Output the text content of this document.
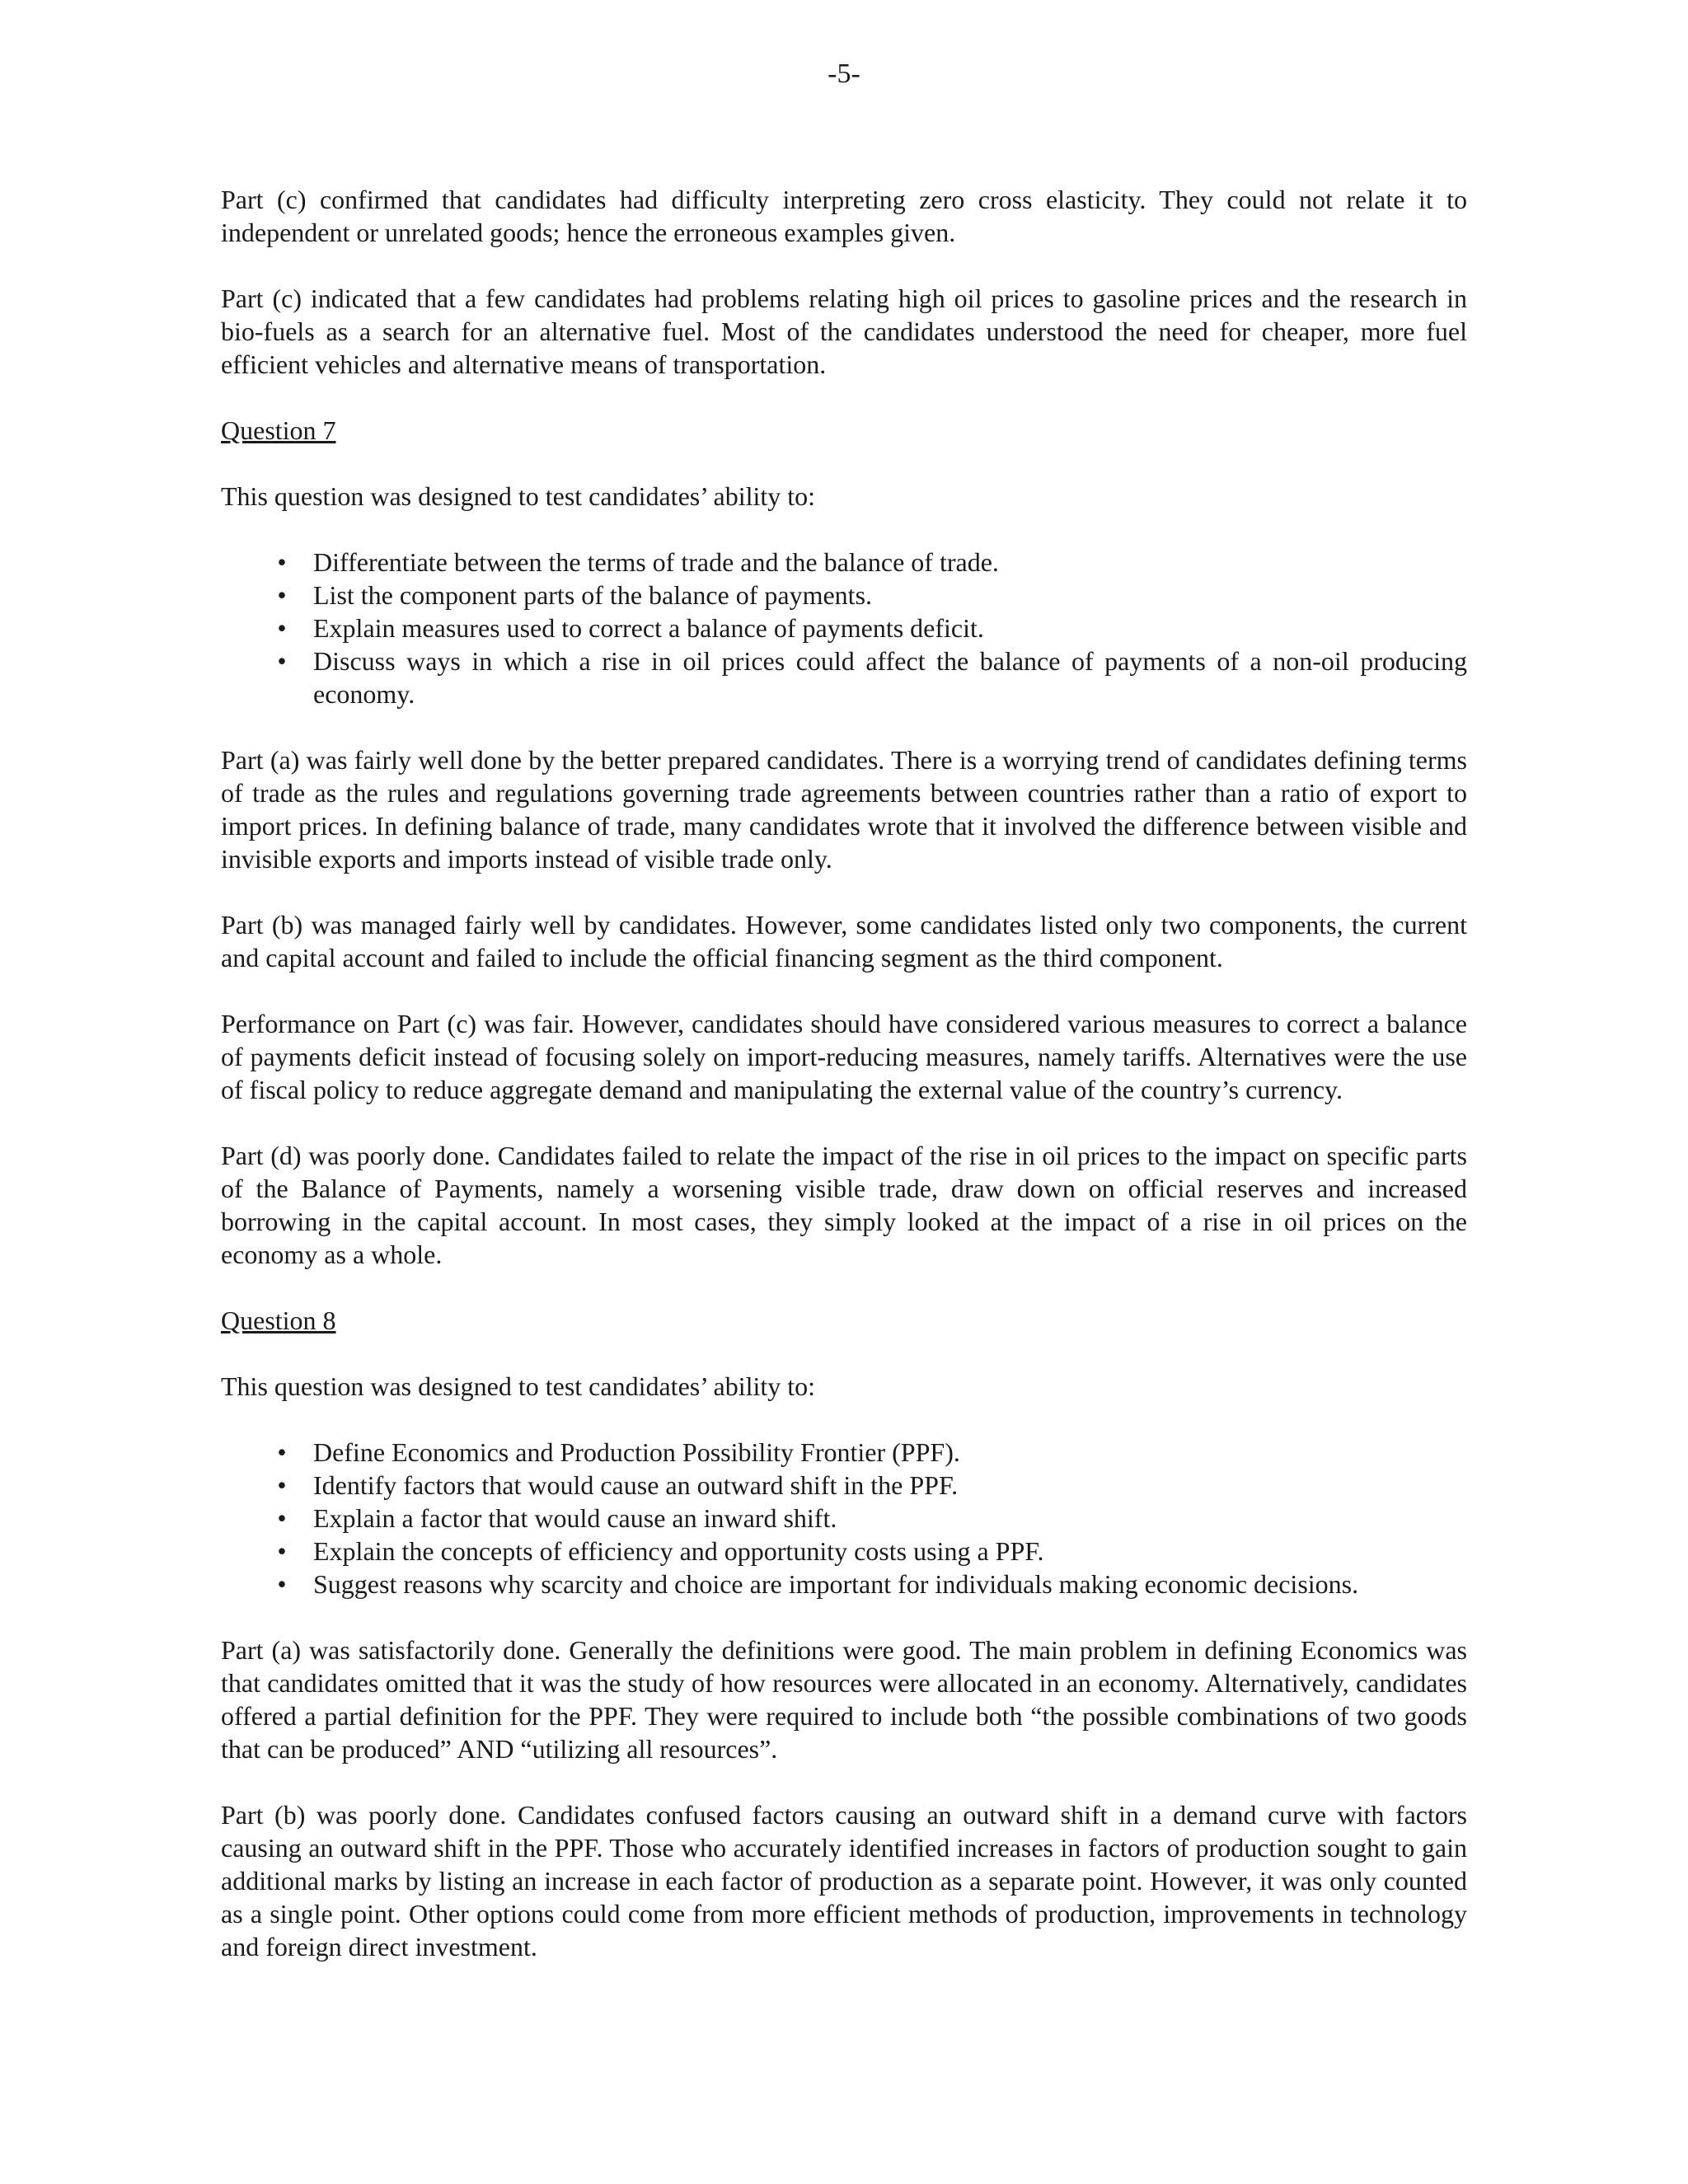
-5-

Part (c) confirmed that candidates had difficulty interpreting zero cross elasticity. They could not relate it to independent or unrelated goods; hence the erroneous examples given.

Part (c) indicated that a few candidates had problems relating high oil prices to gasoline prices and the research in bio-fuels as a search for an alternative fuel. Most of the candidates understood the need for cheaper, more fuel efficient vehicles and alternative means of transportation.

Question 7

This question was designed to test candidates’ ability to:

• Differentiate between the terms of trade and the balance of trade.
• List the component parts of the balance of payments.
• Explain measures used to correct a balance of payments deficit.
• Discuss ways in which a rise in oil prices could affect the balance of payments of a non-oil producing economy.

Part (a) was fairly well done by the better prepared candidates. There is a worrying trend of candidates defining terms of trade as the rules and regulations governing trade agreements between countries rather than a ratio of export to import prices. In defining balance of trade, many candidates wrote that it involved the difference between visible and invisible exports and imports instead of visible trade only.

Part (b) was managed fairly well by candidates. However, some candidates listed only two components, the current and capital account and failed to include the official financing segment as the third component.

Performance on Part (c) was fair. However, candidates should have considered various measures to correct a balance of payments deficit instead of focusing solely on import-reducing measures, namely tariffs. Alternatives were the use of fiscal policy to reduce aggregate demand and manipulating the external value of the country’s currency.

Part (d) was poorly done. Candidates failed to relate the impact of the rise in oil prices to the impact on specific parts of the Balance of Payments, namely a worsening visible trade, draw down on official reserves and increased borrowing in the capital account. In most cases, they simply looked at the impact of a rise in oil prices on the economy as a whole.

Question 8

This question was designed to test candidates’ ability to:

• Define Economics and Production Possibility Frontier (PPF).
• Identify factors that would cause an outward shift in the PPF.
• Explain a factor that would cause an inward shift.
• Explain the concepts of efficiency and opportunity costs using a PPF.
• Suggest reasons why scarcity and choice are important for individuals making economic decisions.

Part (a) was satisfactorily done. Generally the definitions were good. The main problem in defining Economics was that candidates omitted that it was the study of how resources were allocated in an economy. Alternatively, candidates offered a partial definition for the PPF. They were required to include both “the possible combinations of two goods that can be produced” AND “utilizing all resources”.

Part (b) was poorly done. Candidates confused factors causing an outward shift in a demand curve with factors causing an outward shift in the PPF. Those who accurately identified increases in factors of production sought to gain additional marks by listing an increase in each factor of production as a separate point. However, it was only counted as a single point. Other options could come from more efficient methods of production, improvements in technology and foreign direct investment.
